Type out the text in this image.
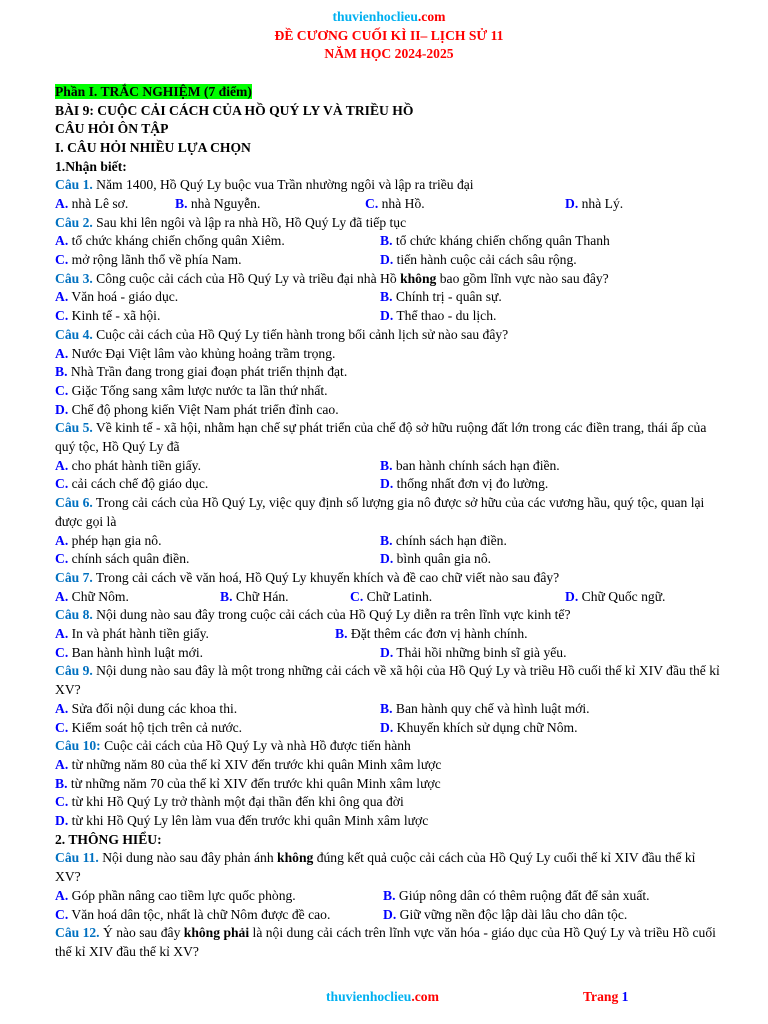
thuvienhoclieu.com
ĐỀ CƯƠNG CUỐI KÌ II– LỊCH SỬ 11
NĂM HỌC 2024-2025
Phần I. TRẮC NGHIỆM (7 điểm)
BÀI 9: CUỘC CẢI CÁCH CỦA HỒ QUÝ LY VÀ TRIỀU HỒ
CÂU HỎI ÔN TẬP
I. CÂU HỎI NHIỀU LỰA CHỌN
1.Nhận biết:
Câu 1. Năm 1400, Hồ Quý Ly buộc vua Trần nhường ngôi và lập ra triều đại
A. nhà Lê sơ.	B. nhà Nguyễn.	C. nhà Hồ.	D. nhà Lý.
Câu 2. Sau khi lên ngôi và lập ra nhà Hồ, Hồ Quý Ly đã tiếp tục
A. tổ chức kháng chiến chống quân Xiêm.	B. tổ chức kháng chiến chống quân Thanh
C. mở rộng lãnh thổ về phía Nam.	D. tiến hành cuộc cải cách sâu rộng.
Câu 3. Công cuộc cải cách của Hồ Quý Ly và triều đại nhà Hồ không bao gồm lĩnh vực nào sau đây?
A. Văn hoá - giáo dục.	B. Chính trị - quân sự.
C. Kinh tế - xã hội.	D. Thể thao - du lịch.
Câu 4. Cuộc cải cách của Hồ Quý Ly tiến hành trong bối cảnh lịch sử nào sau đây?
A. Nước Đại Việt lâm vào khủng hoảng trầm trọng.
B. Nhà Trần đang trong giai đoạn phát triển thịnh đạt.
C. Giặc Tống sang xâm lược nước ta lần thứ nhất.
D. Chế độ phong kiến Việt Nam phát triển đỉnh cao.
Câu 5. Về kinh tế - xã hội, nhằm hạn chế sự phát triển của chế độ sở hữu ruộng đất lớn trong các điền trang, thái ấp của quý tộc, Hồ Quý Ly đã
A. cho phát hành tiền giấy.	B. ban hành chính sách hạn điền.
C. cải cách chế độ giáo dục.	D. thống nhất đơn vị đo lường.
Câu 6. Trong cải cách của Hồ Quý Ly, việc quy định số lượng gia nô được sở hữu của các vương hầu, quý tộc, quan lại được gọi là
A. phép hạn gia nô.	B. chính sách hạn điền.
C. chính sách quân điền.	D. bình quân gia nô.
Câu 7. Trong cải cách về văn hoá, Hồ Quý Ly khuyến khích và đề cao chữ viết nào sau đây?
A. Chữ Nôm.	B. Chữ Hán.	C. Chữ Latinh.	D. Chữ Quốc ngữ.
Câu 8. Nội dung nào sau đây trong cuộc cải cách của Hồ Quý Ly diễn ra trên lĩnh vực kinh tế?
A. In và phát hành tiền giấy.	B. Đặt thêm các đơn vị hành chính.
C. Ban hành hình luật mới.	D. Thải hồi những binh sĩ già yếu.
Câu 9. Nội dung nào sau đây là một trong những cải cách về xã hội của Hồ Quý Ly và triều Hồ cuối thế kỉ XIV đầu thế kỉ XV?
A. Sửa đổi nội dung các khoa thi.	B. Ban hành quy chế và hình luật mới.
C. Kiểm soát hộ tịch trên cả nước.	D. Khuyến khích sử dụng chữ Nôm.
Câu 10: Cuộc cải cách của Hồ Quý Ly và nhà Hồ được tiến hành
A. từ những năm 80 của thế kỉ XIV đến trước khi quân Minh xâm lược
B. từ những năm 70 của thế kỉ XIV đến trước khi quân Minh xâm lược
C. từ khi Hồ Quý Ly trở thành một đại thần đến khi ông qua đời
D. từ khi Hồ Quý Ly lên làm vua đến trước khi quân Minh xâm lược
2. THÔNG HIỂU:
Câu 11. Nội dung nào sau đây phản ánh không đúng kết quả cuộc cải cách của Hồ Quý Ly cuối thế kỉ XIV đầu thế kỉ XV?
A. Góp phần nâng cao tiềm lực quốc phòng.	B. Giúp nông dân có thêm ruộng đất để sản xuất.
C. Văn hoá dân tộc, nhất là chữ Nôm được đề cao.	D. Giữ vững nền độc lập dài lâu cho dân tộc.
Câu 12. Ý nào sau đây không phải là nội dung cải cách trên lĩnh vực văn hóa - giáo dục của Hồ Quý Ly và triều Hồ cuối thế kỉ XIV đầu thế kỉ XV?
thuvienhoclieu.com	Trang 1
